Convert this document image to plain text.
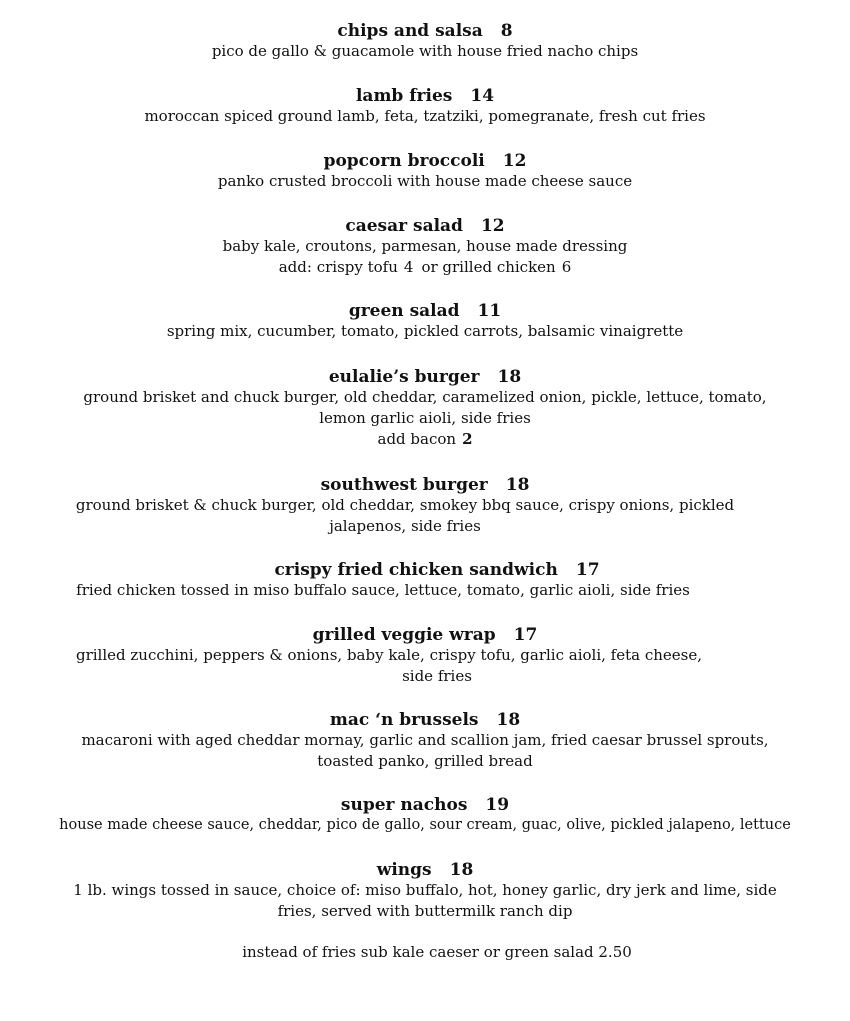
chips and salsa 8
pico de gallo & guacamole with house fried nacho chips
lamb fries 14
moroccan spiced ground lamb, feta, tzatziki, pomegranate, fresh cut fries
popcorn broccoli 12
panko crusted broccoli with house made cheese sauce
caesar salad 12
baby kale, croutons, parmesan, house made dressing
add: crispy tofu 4 or grilled chicken 6
green salad 11
spring mix, cucumber, tomato, pickled carrots, balsamic vinaigrette
eulalie’s burger 18
ground brisket and chuck burger, old cheddar, caramelized onion, pickle, lettuce, tomato,
lemon garlic aioli, side fries
add bacon 2
southwest burger 18
ground brisket & chuck burger, old cheddar, smokey bbq sauce, crispy onions, pickled
jalapenos, side fries
crispy fried chicken sandwich 17
fried chicken tossed in miso buffalo sauce, lettuce, tomato, garlic aioli, side fries
grilled veggie wrap 17
grilled zucchini, peppers & onions, baby kale, crispy tofu, garlic aioli, feta cheese,
side fries
mac ‘n brussels 18
macaroni with aged cheddar mornay, garlic and scallion jam, fried caesar brussel sprouts,
toasted panko, grilled bread
super nachos 19
house made cheese sauce, cheddar, pico de gallo, sour cream, guac, olive, pickled jalapeno, lettuce
wings 18
1 lb. wings tossed in sauce, choice of: miso buffalo, hot, honey garlic, dry jerk and lime, side
fries, served with buttermilk ranch dip
instead of fries sub kale caeser or green salad 2.50
